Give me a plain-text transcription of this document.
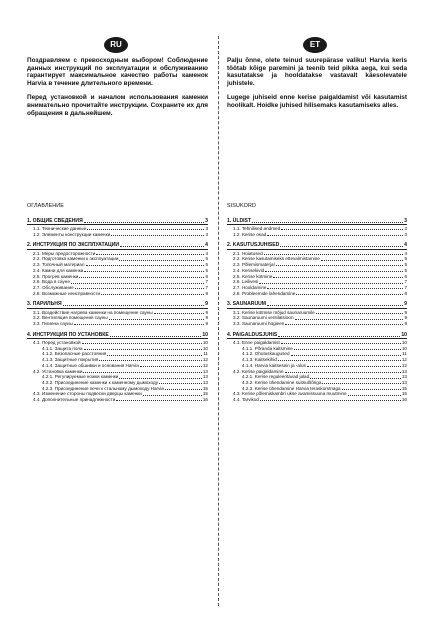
RU

Поздравляем с превосходным выбором! Соблюдение данных инструкций по эксплуатации и обслуживанию гарантирует максимальное качество работы каменок Harvia в течение длительного времени.

Перед установкой и началом использования каменки внимательно прочитайте инструкции. Сохраните их для обращения в дальнейшем.

ОГЛАВЛЕНИЕ
1. ОБЩИЕ СВЕДЕНИЯ	3
1.1. Технические данные	3
1.2. Элементы конструкции каменки	3
2. ИНСТРУКЦИЯ ПО ЭКСПЛУАТАЦИИ	4
2.1. Меры предосторожности	4
2.2. Подготовка каменки к эксплуатации	5
2.3. Топочный материал	5
2.4. Камни для каменки	5
2.5. Прогрев каменки	6
2.6. Вода в сауне	7
2.7. Обслуживание	7
2.8. Возможные неисправности	8
3. ПАРИЛЬНЯ	9
3.1. Воздействие нагрева каменки на помещение сауны	9
3.2. Вентиляция помещения сауны	9
3.3. Гигиена сауны	9
4. ИНСТРУКЦИЯ ПО УСТАНОВКЕ	10
4.1. Перед установкой	10
4.1.1. Защита пола	10
4.1.2. Безопасные расстояния	11
4.1.3. Защитные покрытия	12
4.1.4. Защитные обшивки и основания Harvia	12
4.2. Установка каменки	13
4.2.1. Регулируемые ножки каменки	13
4.2.2. Присоединение каменки к каменному дымоходу	13
4.2.3. Присоединение печи к стальному дымоходу Harvia	15
4.3. Изменение стороны подвески дверцы каменки	15
4.4. Дополнительные принадлежности	16
ET

Palju õnne, olete teinud suurepärase valiku! Harvia keris töötab kõige paremini ja teenib teid pikka aega, kui seda kasutatakse ja hooldatakse vastavalt käesolevatele juhistele.

Lugege juhiseid enne kerise paigaldamist või kasutamist hoolikalt. Hoidke juhised hilisemaks kasutamiseks alles.

SISUKORD
1. ÜLDIST	3
1.1. Tehnilised andmed	3
1.2. Kerise osad	3
2. KASUTUSJUHISED	4
2.1. Hoiatused	4
2.2. Kerise kasutamiseks ettevalmistamine	5
2.3. Põlemismaterjal	5
2.4. Kerisekivid	5
2.5. Kerise kütmine	6
2.6. Leilivesi	7
2.7. Hooldamine	7
2.8. Probleemide lahendamine	8
3. SAUNARUUM	9
3.1. Kerise kütmise mõjud saunaruumile	9
3.2. Saunaruumi ventilatsioon	9
3.3. Saunaruumi hügieen	9
4. PAIGALDUSJUHIS	10
4.1. Enne paigaldamist	10
4.1.1. Põranda kaitsmine	10
4.1.2. Ohutuskaugused	11
4.1.3. Kaitsekihid	12
4.1.4. Harvia kaitsesein ja -alus	12
4.2. Kerise paigaldamine	13
4.2.1. Kerise reguleeritavad jalad	13
4.2.2. Kerise ühendamine suitsulõõriga	13
4.2.3. Kerise ühendamine Harvia teraskorstnaga	15
4.3. Kerise põlemiskambri ukse avamissuuna muutmine	15
4.4. Tarvikud	16
